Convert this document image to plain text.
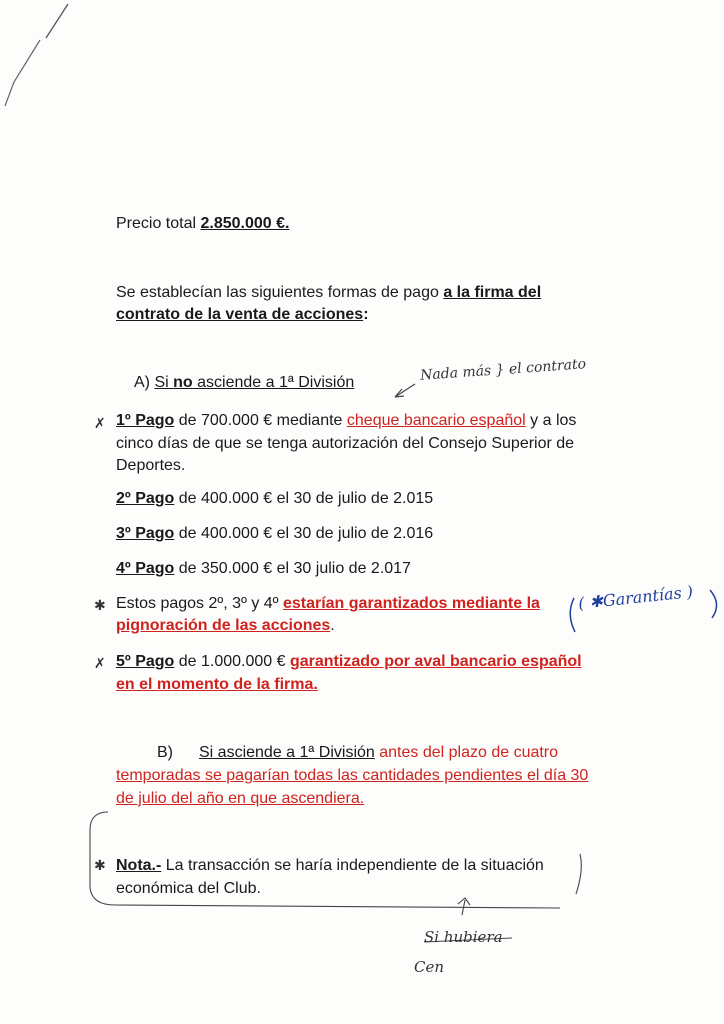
Precio total 2.850.000 €.
Se establecían las siguientes formas de pago a la firma del
contrato de la venta de acciones:
A) Si no asciende a 1ª División	Nada más } el contrato
✗ 1º Pago de 700.000 € mediante cheque bancario español y a los
cinco días de que se tenga autorización del Consejo Superior de
Deportes.
2º Pago de 400.000 € el 30 de julio de 2.015
3º Pago de 400.000 € el 30 de julio de 2.016
4º Pago de 350.000 € el 30 julio de 2.017
✱ Estos pagos 2º, 3º y 4º estarían garantizados mediante la
pignoración de las acciones.
( ✱Garantías )
✗ 5º Pago de 1.000.000 € garantizado por aval bancario español
en el momento de la firma.
B) Si asciende a 1ª División antes del plazo de cuatro
temporadas se pagarían todas las cantidades pendientes el día 30
de julio del año en que ascendiera.
✱ Nota.- La transacción se haría independiente de la situación
económica del Club.
Si hubiera
Cen
